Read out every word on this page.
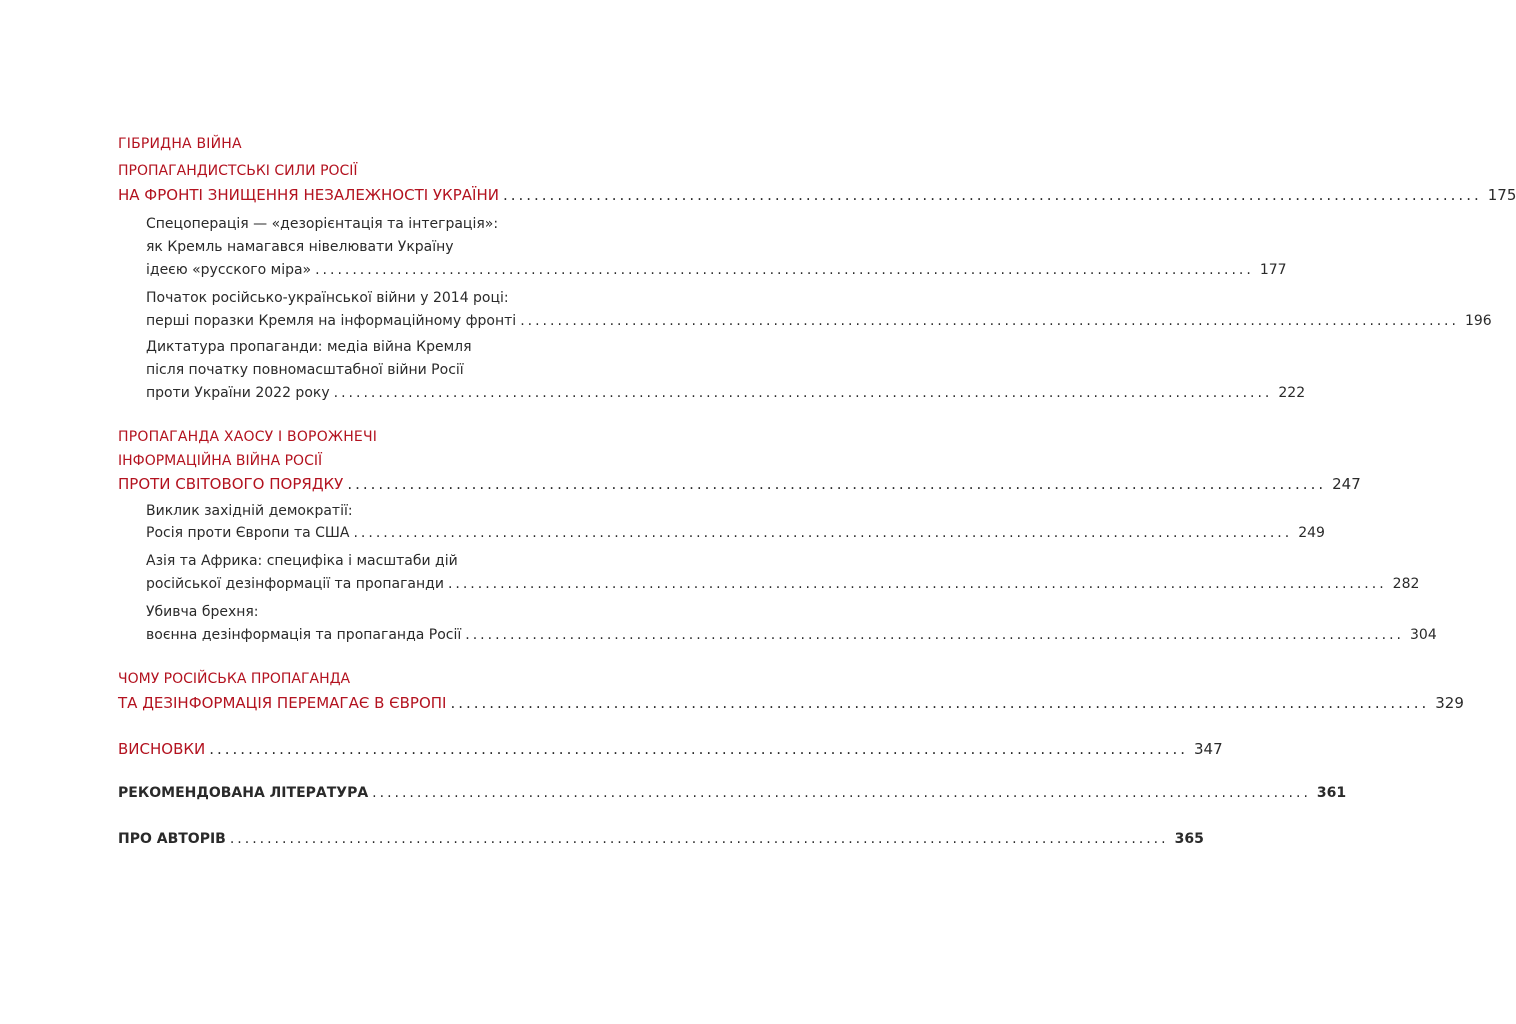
ГІБРИДНА ВІЙНА
ПРОПАГАНДИСТСЬКІ СИЛИ РОСІЇ
НА ФРОНТІ ЗНИЩЕННЯ НЕЗАЛЕЖНОСТІ УКРАЇНИ .............................................................................................................................. 175
Спецоперація — «дезорієнтація та інтеграція»:
як Кремль намагався нівелювати Україну
ідеєю «русского міра» .............................................................................................................................. 177
Початок російсько-української війни у 2014 році:
перші поразки Кремля на інформаційному фронті .............................................................................................................................. 196
Диктатура пропаганди: медіа війна Кремля
після початку повномасштабної війни Росії
проти України 2022 року .............................................................................................................................. 222
ПРОПАГАНДА ХАОСУ І ВОРОЖНЕЧІ
ІНФОРМАЦІЙНА ВІЙНА РОСІЇ
ПРОТИ СВІТОВОГО ПОРЯДКУ .............................................................................................................................. 247
Виклик західній демократії:
Росія проти Європи та США .............................................................................................................................. 249
Азія та Африка: специфіка і масштаби дій
російської дезінформації та пропаганди .............................................................................................................................. 282
Убивча брехня:
воєнна дезінформація та пропаганда Росії .............................................................................................................................. 304
ЧОМУ РОСІЙСЬКА ПРОПАГАНДА
ТА ДЕЗІНФОРМАЦІЯ ПЕРЕМАГАЄ В ЄВРОПІ .............................................................................................................................. 329
ВИСНОВКИ .............................................................................................................................. 347
РЕКОМЕНДОВАНА ЛІТЕРАТУРА .............................................................................................................................. 361
ПРО АВТОРІВ .............................................................................................................................. 365
